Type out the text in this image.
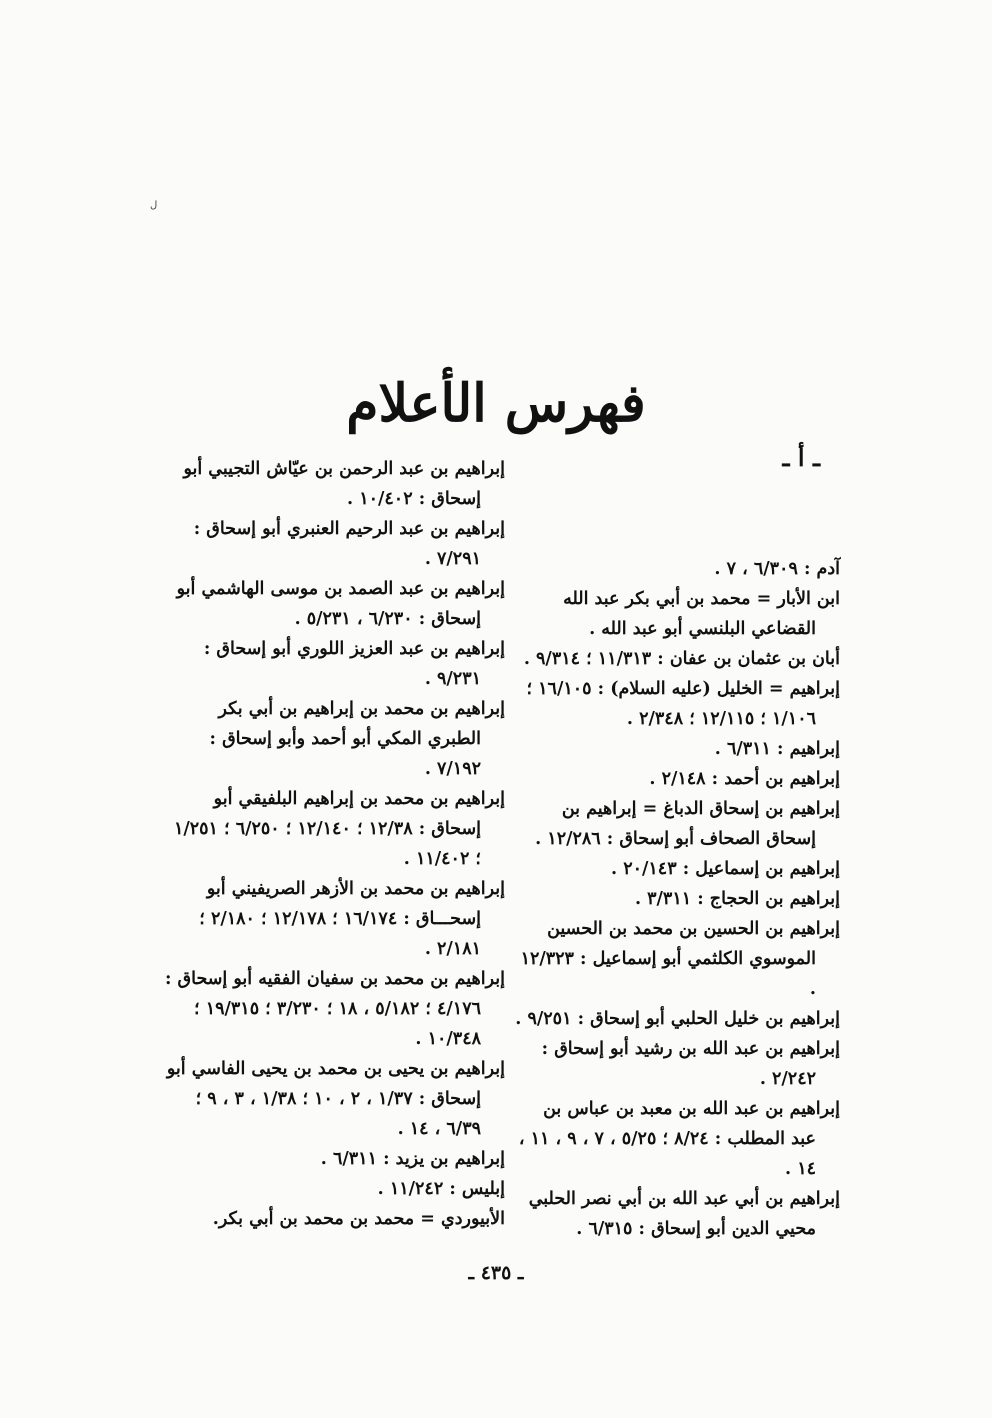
ﻝ
فهرس الأعلام
ـ أ ـ
آدم : ٦/٣٠٩ ، ٧ .
ابن الأبار = محمد بن أبي بكر عبد الله القضاعي البلنسي أبو عبد الله .
أبان بن عثمان بن عفان : ١١/٣١٣ ؛ ٩/٣١٤ .
إبراهيم = الخليل (عليه السلام) : ١٦/١٠٥ ؛ ١/١٠٦ ؛ ١٢/١١٥ ؛ ٢/٣٤٨ .
إبراهيم : ٦/٣١١ .
إبراهيم بن أحمد : ٢/١٤٨ .
إبراهيم بن إسحاق الدباغ = إبراهيم بن إسحاق الصحاف أبو إسحاق : ١٢/٢٨٦ .
إبراهيم بن إسماعيل : ٢٠/١٤٣ .
إبراهيم بن الحجاج : ٣/٣١١ .
إبراهيم بن الحسين بن محمد بن الحسين الموسوي الكلثمي أبو إسماعيل : ١٢/٣٢٣ .
إبراهيم بن خليل الحلبي أبو إسحاق : ٩/٢٥١ .
إبراهيم بن عبد الله بن رشيد أبو إسحاق : ٢/٢٤٢ .
إبراهيم بن عبد الله بن معبد بن عباس بن عبد المطلب : ٨/٢٤ ؛ ٥/٢٥ ، ٧ ، ٩ ، ١١ ، ١٤ .
إبراهيم بن أبي عبد الله بن أبي نصر الحلبي محيي الدين أبو إسحاق : ٦/٣١٥ .
إبراهيم بن عبد الرحمن بن عيّاش التجيبي أبو إسحاق : ١٠/٤٠٢ .
إبراهيم بن عبد الرحيم العنبري أبو إسحاق : ٧/٢٩١ .
إبراهيم بن عبد الصمد بن موسى الهاشمي أبو إسحاق : ٦/٢٣٠ ، ٥/٢٣١ .
إبراهيم بن عبد العزيز اللوري أبو إسحاق : ٩/٢٣١ .
إبراهيم بن محمد بن إبراهيم بن أبي بكر الطبري المكي أبو أحمد وأبو إسحاق : ٧/١٩٢ .
إبراهيم بن محمد بن إبراهيم البلفيقي أبو إسحاق : ١٢/٣٨ ؛ ١٢/١٤٠ ؛ ٦/٢٥٠ ؛ ١/٢٥١ ؛ ١١/٤٠٢ .
إبراهيم بن محمد بن الأزهر الصريفيني أبو إسحـــاق : ١٦/١٧٤ ؛ ١٢/١٧٨ ؛ ٢/١٨٠ ؛ ٢/١٨١ .
إبراهيم بن محمد بن سفيان الفقيه أبو إسحاق : ٤/١٧٦ ؛ ٥/١٨٢ ، ١٨ ؛ ٣/٢٣٠ ؛ ١٩/٣١٥ ؛ ١٠/٣٤٨ .
إبراهيم بن يحيى بن محمد بن يحيى الفاسي أبو إسحاق : ١/٣٧ ، ٢ ، ١٠ ؛ ١/٣٨ ، ٣ ، ٩ ؛ ٦/٣٩ ، ١٤ .
إبراهيم بن يزيد : ٦/٣١١ .
إبليس : ١١/٢٤٢ .
الأبيوردي = محمد بن محمد بن أبي بكر.
ـ ٤٣٥ ـ
